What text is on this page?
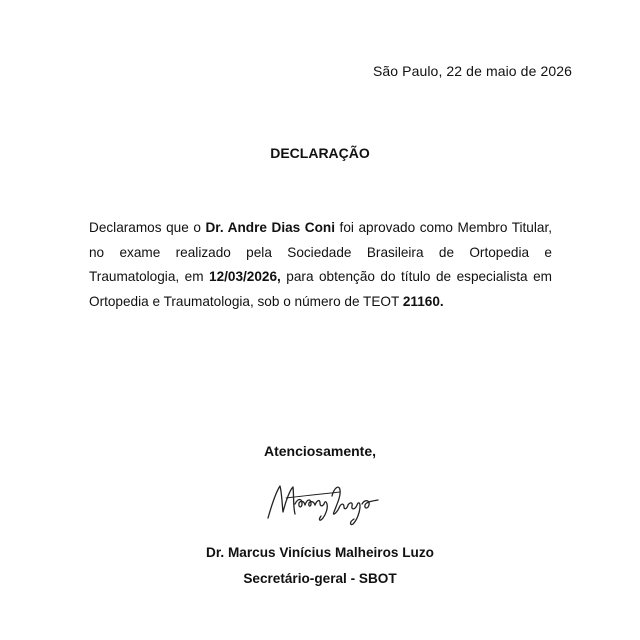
São Paulo, 22 de maio de 2026
DECLARAÇÃO

Declaramos que o Dr. Andre Dias Coni foi aprovado como Membro Titular, no exame realizado pela Sociedade Brasileira de Ortopedia e Traumatologia, em 12/03/2026, para obtenção do título de especialista em Ortopedia e Traumatologia, sob o número de TEOT 21160.

Atenciosamente,
Dr. Marcus Vinícius Malheiros Luzo
Secretário-geral - SBOT
